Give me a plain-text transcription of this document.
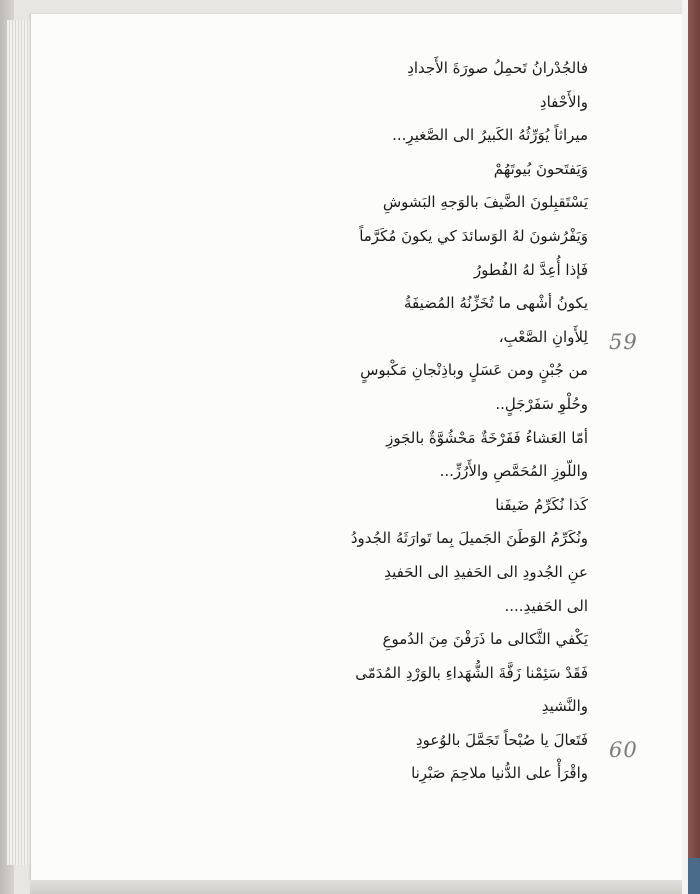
فالجُدْرانُ تَحمِلُ صورَةَ الأَجدادِ
والأَحْفادِ
ميراثاً يُوَرِّثُهُ الكَبيرُ الى الصَّغيرِ...
وَيَفتَحونَ بُيوتَهُمْ
يَسْتَقبِلونَ الضَّيفَ بالوَجهِ البَشوشِ
وَيَفْرُشونَ لهُ الوَسائدَ كي يكونَ مُكَرَّماً
فَإذا أُعِدَّ لهُ الفُطورُ
يكونُ أشْهى ما تُخَزِّنُهُ المُضيفَةُ
لِلأَوانِ الصَّعْبِ،
من جُبْنٍ ومن عَسَلٍ وباذِنْجانِ مَكْبوسٍ
وحُلْوِ سَفَرْجَلٍ..
أمّا العَشاءُ فَفَرْخَةٌ مَحْشُوَّةٌ بالجَوزِ
واللّوزِ المُحَمَّصِ والأَرُزِّ...
كَذا نُكَرِّمُ ضَيفَنا
ونُكَرِّمُ الوَطَنَ الجَميلَ بِما تَوارَثَهُ الجُدودُ
عنِ الجُدودِ الى الحَفيدِ الى الحَفيدِ
الى الحَفيدِ....
يَكْفي الثَّكالى ما ذَرَفْنَ مِنَ الدُموعِ
فَقَدْ سَئِمْنا زَفَّةَ الشُّهَداءِ بالوَرْدِ المُدَمّى
والنَّشيدِ
فَتَعالَ يا صُبْحاً تَجَمَّلَ بالوُعودِ
واقْرَأْ على الدُّنيا ملاحِمَ صَبْرِنا
59
60
